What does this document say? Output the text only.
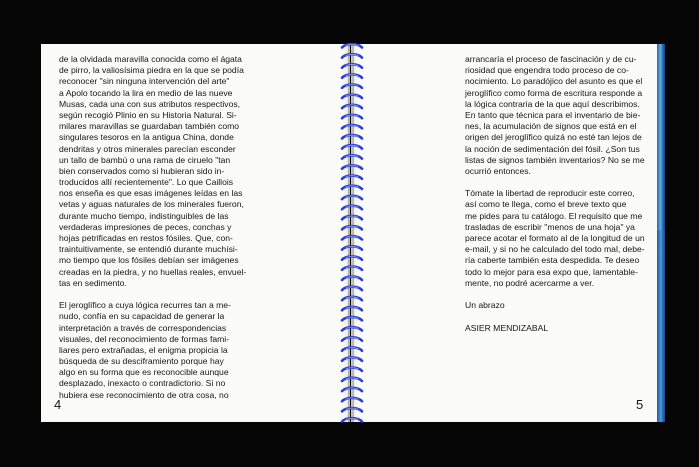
de la olvidada maravilla conocida como el ágata
de pirro, la valiosísima piedra en la que se podía
reconocer "sin ninguna intervención del arte"
a Apolo tocando la lira en medio de las nueve
Musas, cada una con sus atributos respectivos,
según recogió Plinio en su Historia Natural. Si-
milares maravillas se guardaban también como
singulares tesoros en la antigua China, donde
dendritas y otros minerales parecían esconder
un tallo de bambú o una rama de ciruelo "tan
bien conservados como si hubieran sido in-
troducidos allí recientemente". Lo que Caillois
nos enseña es que esas imágenes leídas en las
vetas y aguas naturales de los minerales fueron,
durante mucho tiempo, indistinguibles de las
verdaderas impresiones de peces, conchas y
hojas petrificadas en restos fósiles. Que, con-
traintuitivamente, se entendió durante muchísi-
mo tiempo que los fósiles debían ser imágenes
creadas en la piedra, y no huellas reales, envuel-
tas en sedimento.
El jeroglífico a cuya lógica recurres tan a me-
nudo, confía en su capacidad de generar la
interpretación a través de correspondencias
visuales, del reconocimiento de formas fami-
liares pero extrañadas, el enigma propicia la
búsqueda de su desciframiento porque hay
algo en su forma que es reconocible aunque
desplazado, inexacto o contradictorio. Si no
hubiera ese reconocimiento de otra cosa, no
arrancaría el proceso de fascinación y de cu-
riosidad que engendra todo proceso de co-
nocimiento. Lo paradójico del asunto es que el
jeroglífico como forma de escritura responde a
la lógica contraria de la que aquí describimos.
En tanto que técnica para el inventario de bie-
nes, la acumulación de signos que está en el
origen del jeroglífico quizá no esté tan lejos de
la noción de sedimentación del fósil. ¿Son tus
listas de signos también inventarios? No se me
ocurrió entonces.
Tómate la libertad de reproducir este correo,
así como te llega, como el breve texto que
me pides para tu catálogo. El requisito que me
trasladas de escribir "menos de una hoja" ya
parece acotar el formato al de la longitud de un
e-mail, y si no he calculado del todo mal, debe-
ría caberte también esta despedida. Te deseo
todo lo mejor para esa expo que, lamentable-
mente, no podré acercarme a ver.
Un abrazo
ASIER MENDIZABAL
4	5
